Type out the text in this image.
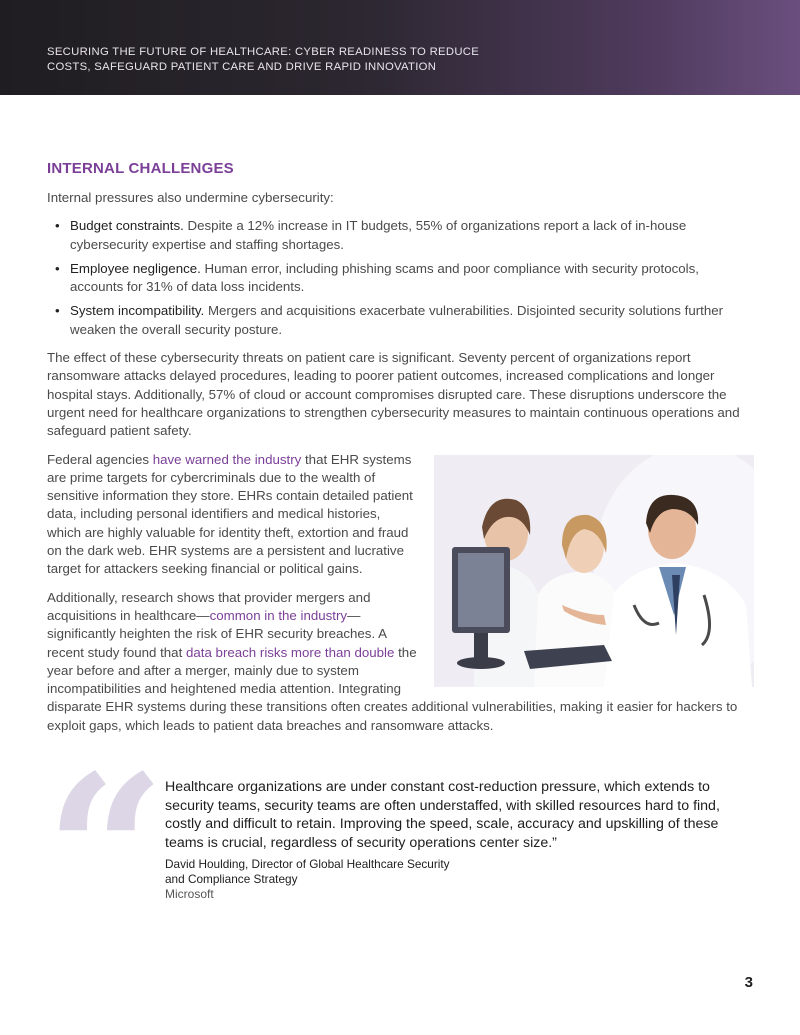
SECURING THE FUTURE OF HEALTHCARE: CYBER READINESS TO REDUCE
COSTS, SAFEGUARD PATIENT CARE AND DRIVE RAPID INNOVATION
INTERNAL CHALLENGES

Internal pressures also undermine cybersecurity:

• Budget constraints. Despite a 12% increase in IT budgets, 55% of organizations report a lack of in-house cybersecurity expertise and staffing shortages.
• Employee negligence. Human error, including phishing scams and poor compliance with security protocols, accounts for 31% of data loss incidents.
• System incompatibility. Mergers and acquisitions exacerbate vulnerabilities. Disjointed security solutions further weaken the overall security posture.

The effect of these cybersecurity threats on patient care is significant. Seventy percent of organizations report ransomware attacks delayed procedures, leading to poorer patient outcomes, increased complications and longer hospital stays. Additionally, 57% of cloud or account compromises disrupted care. These disruptions underscore the urgent need for healthcare organizations to strengthen cybersecurity measures to maintain continuous operations and safeguard patient safety.

Federal agencies have warned the industry that EHR systems are prime targets for cybercriminals due to the wealth of sensitive information they store. EHRs contain detailed patient data, including personal identifiers and medical histories, which are highly valuable for identity theft, extortion and fraud on the dark web. EHR systems are a persistent and lucrative target for attackers seeking financial or political gains.

Additionally, research shows that provider mergers and acquisitions in healthcare—common in the industry— significantly heighten the risk of EHR security breaches. A recent study found that data breach risks more than double the year before and after a merger, mainly due to system incompatibilities and heightened media attention. Integrating disparate EHR systems during these transitions often creates additional vulnerabilities, making it easier for hackers to exploit gaps, which leads to patient data breaches and ransomware attacks.

“ Healthcare organizations are under constant cost-reduction pressure, which extends to security teams, security teams are often understaffed, with skilled resources hard to find, costly and difficult to retain. Improving the speed, scale, accuracy and upskilling of these teams is crucial, regardless of security operations center size.”
David Houlding, Director of Global Healthcare Security
and Compliance Strategy
Microsoft
3
